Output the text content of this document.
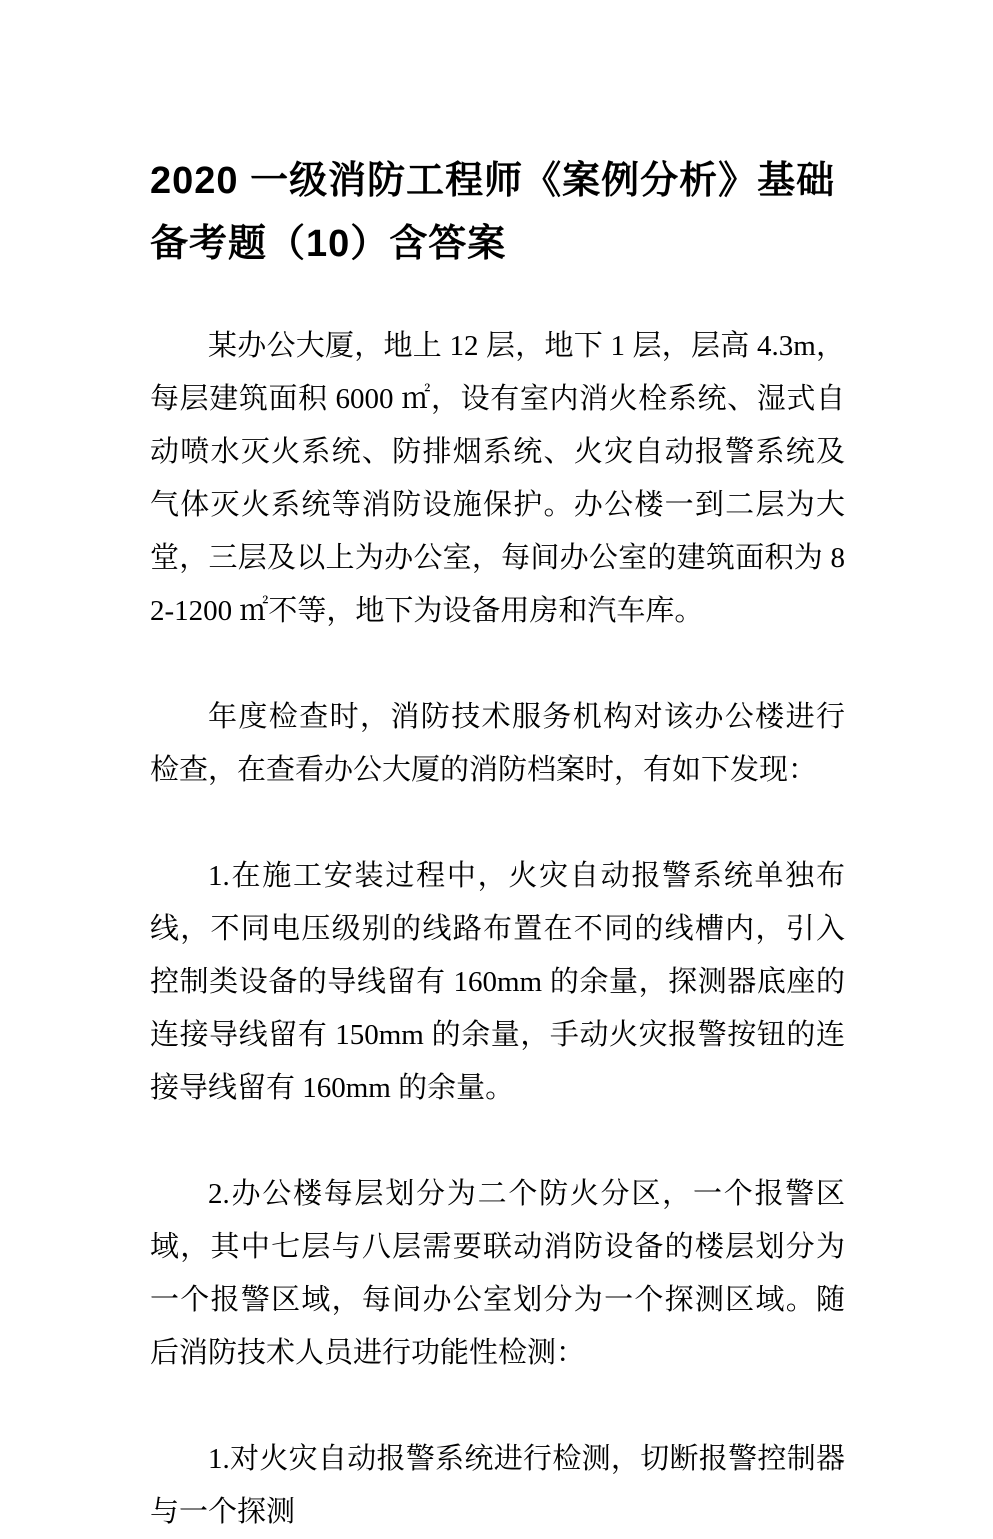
2020 一级消防工程师《案例分析》基础备考题（10）含答案

某办公大厦，地上 12 层，地下 1 层，层高 4.3m，每层建筑面积 6000 ㎡，设有室内消火栓系统、湿式自动喷水灭火系统、防排烟系统、火灾自动报警系统及气体灭火系统等消防设施保护。办公楼一到二层为大堂，三层及以上为办公室，每间办公室的建筑面积为 82-1200 ㎡不等，地下为设备用房和汽车库。

年度检查时，消防技术服务机构对该办公楼进行检查，在查看办公大厦的消防档案时，有如下发现：

1.在施工安装过程中，火灾自动报警系统单独布线，不同电压级别的线路布置在不同的线槽内，引入控制类设备的导线留有 160mm 的余量，探测器底座的连接导线留有 150mm 的余量，手动火灾报警按钮的连接导线留有 160mm 的余量。

2.办公楼每层划分为二个防火分区，一个报警区域，其中七层与八层需要联动消防设备的楼层划分为一个报警区域，每间办公室划分为一个探测区域。随后消防技术人员进行功能性检测：

1.对火灾自动报警系统进行检测，切断报警控制器与一个探测
